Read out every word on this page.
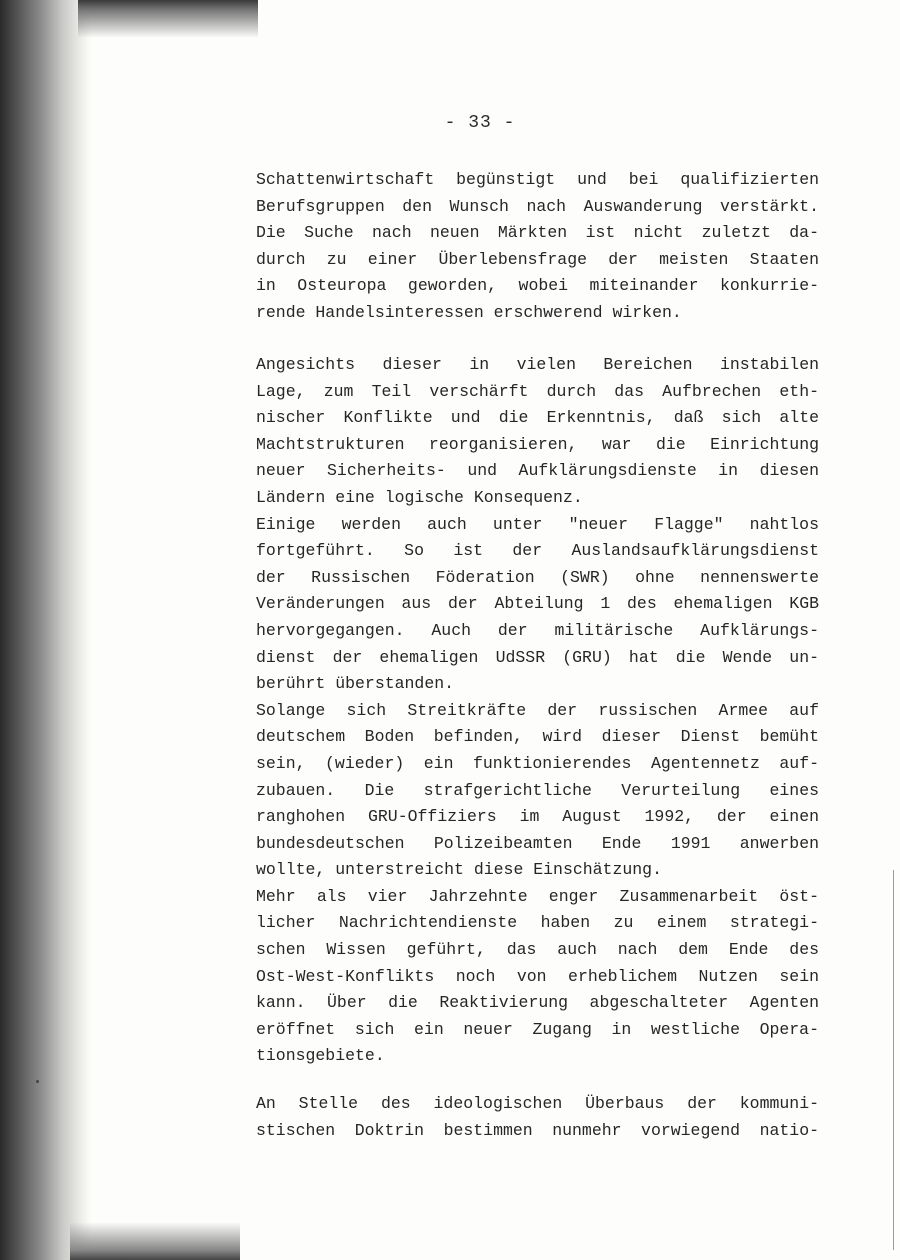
- 33 -
Schattenwirtschaft begünstigt und bei qualifizierten
Berufsgruppen den Wunsch nach Auswanderung verstärkt.
Die Suche nach neuen Märkten ist nicht zuletzt da-
durch zu einer Überlebensfrage der meisten Staaten
in Osteuropa geworden, wobei miteinander konkurrie-
rende Handelsinteressen erschwerend wirken.
Angesichts dieser in vielen Bereichen instabilen
Lage, zum Teil verschärft durch das Aufbrechen eth-
nischer Konflikte und die Erkenntnis, daß sich alte
Machtstrukturen reorganisieren, war die Einrichtung
neuer Sicherheits- und Aufklärungsdienste in diesen
Ländern eine logische Konsequenz.
Einige werden auch unter "neuer Flagge" nahtlos
fortgeführt. So ist der Auslandsaufklärungsdienst
der Russischen Föderation (SWR) ohne nennenswerte
Veränderungen aus der Abteilung 1 des ehemaligen KGB
hervorgegangen. Auch der militärische Aufklärungs-
dienst der ehemaligen UdSSR (GRU) hat die Wende un-
berührt überstanden.
Solange sich Streitkräfte der russischen Armee auf
deutschem Boden befinden, wird dieser Dienst bemüht
sein, (wieder) ein funktionierendes Agentennetz auf-
zubauen. Die strafgerichtliche Verurteilung eines
ranghohen GRU-Offiziers im August 1992, der einen
bundesdeutschen Polizeibeamten Ende 1991 anwerben
wollte, unterstreicht diese Einschätzung.
Mehr als vier Jahrzehnte enger Zusammenarbeit öst-
licher Nachrichtendienste haben zu einem strategi-
schen Wissen geführt, das auch nach dem Ende des
Ost-West-Konflikts noch von erheblichem Nutzen sein
kann. Über die Reaktivierung abgeschalteter Agenten
eröffnet sich ein neuer Zugang in westliche Opera-
tionsgebiete.
An Stelle des ideologischen Überbaus der kommuni-
stischen Doktrin bestimmen nunmehr vorwiegend natio-
